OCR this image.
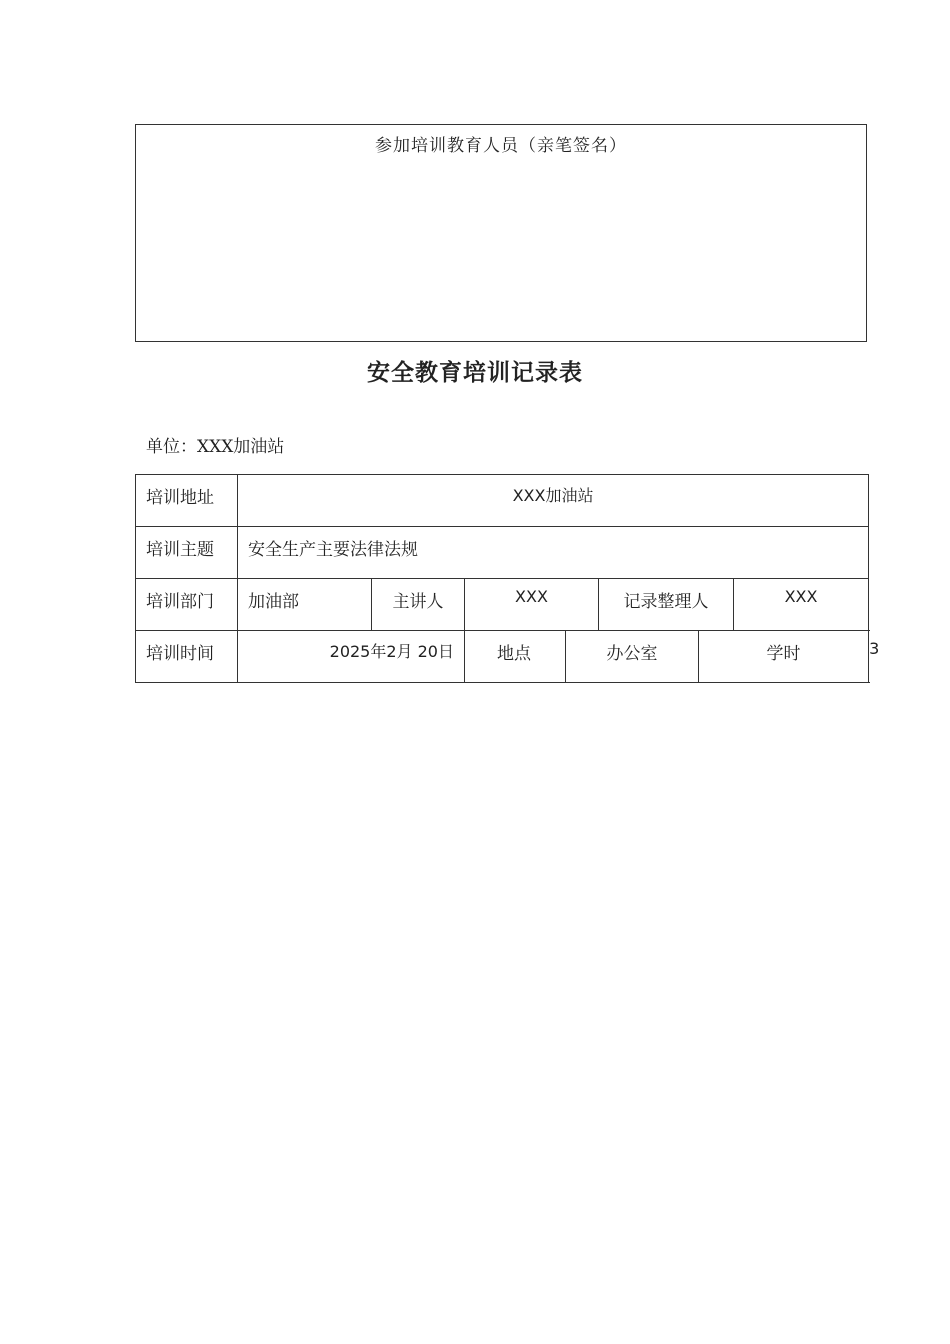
参加培训教育人员（亲笔签名）
安全教育培训记录表
单位：XXX加油站
培训地址	XXX加油站							
培训主题	安全生产主要法律法规							
培训部门	加油部	主讲人	XXX		记录整理人		XXX	
培训时间	2025年2月 20日		地点	办公室		学时		3
